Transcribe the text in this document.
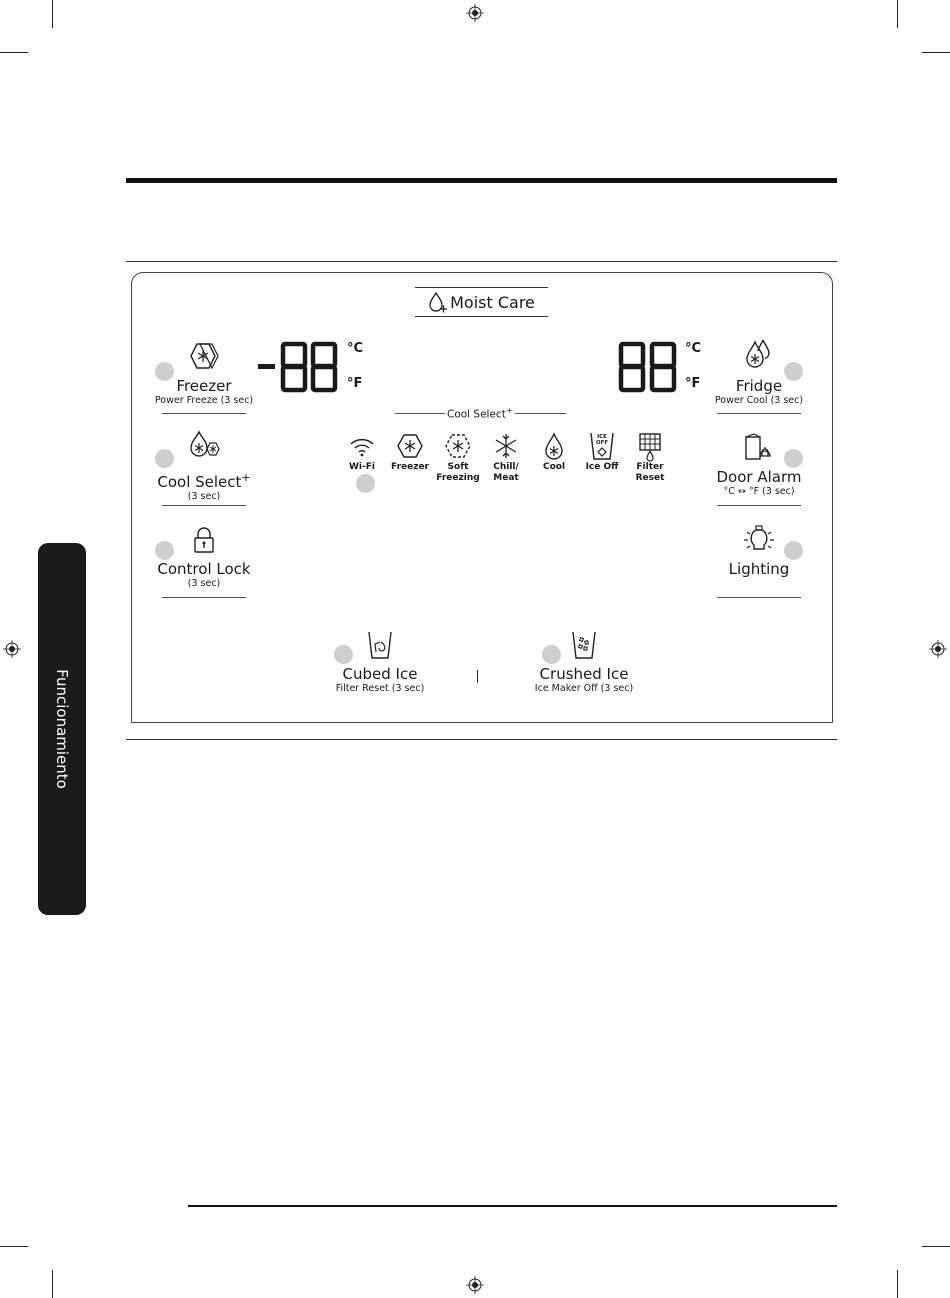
Funcionamiento
Moist Care
°C
°F
°C
°F
Cool Select+
Freezer
Power Freeze (3 sec)
Cool Select+
(3 sec)
Control Lock
(3 sec)
Fridge
Power Cool (3 sec)
Door Alarm
°C ↔ °F (3 sec)
Lighting
Wi-Fi	Freezer	Soft
Freezing
Chill/
Meat
Cool
ICE
OFF
Ice Off	Filter
Reset
Cubed Ice
Filter Reset (3 sec)
Crushed Ice
Ice Maker Off (3 sec)
